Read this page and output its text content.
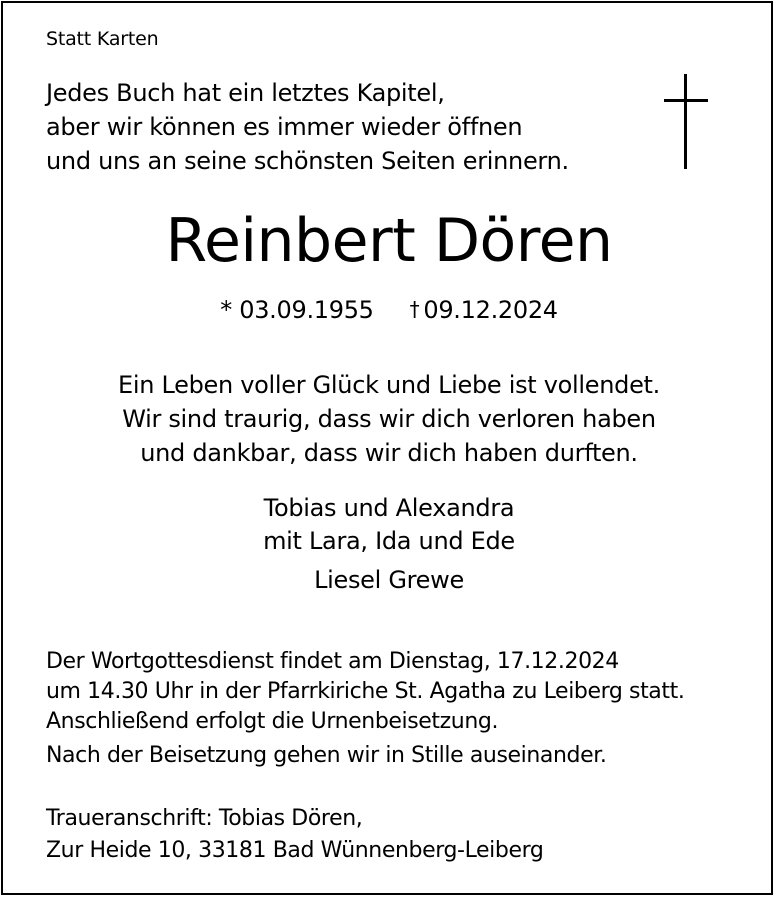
Statt Karten
Jedes Buch hat ein letztes Kapitel,
aber wir können es immer wieder öffnen
und uns an seine schönsten Seiten erinnern.
Reinbert Dören
* 03.09.1955 † 09.12.2024
Ein Leben voller Glück und Liebe ist vollendet.
Wir sind traurig, dass wir dich verloren haben
und dankbar, dass wir dich haben durften.
Tobias und Alexandra
mit Lara, Ida und Ede
Liesel Grewe
Der Wortgottesdienst findet am Dienstag, 17.12.2024
um 14.30 Uhr in der Pfarrkiriche St. Agatha zu Leiberg statt.
Anschließend erfolgt die Urnenbeisetzung.
Nach der Beisetzung gehen wir in Stille auseinander.
Traueranschrift: Tobias Dören,
Zur Heide 10, 33181 Bad Wünnenberg-Leiberg
